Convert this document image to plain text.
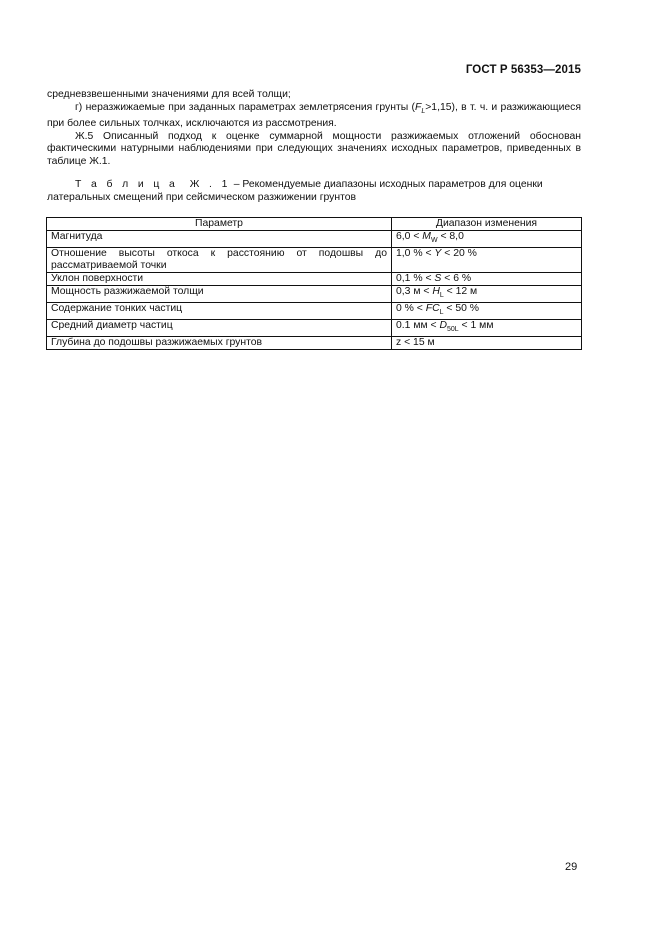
ГОСТ Р 56353—2015

средневзвешенными значениями для всей толщи;

г) неразжижаемые при заданных параметрах землетрясения грунты $(F_L>1,15)$, в т. ч. и разжижающиеся при более сильных толчках, исключаются из рассмотрения.

Ж.5 Описанный подход к оценке суммарной мощности разжижаемых отложений обоснован фактическими натурными наблюдениями при следующих значениях исходных параметров, приведенных в таблице Ж.1.

Т а б л и ц а Ж . 1 – Рекомендуемые диапазоны исходных параметров для оценки латеральных смещений при сейсмическом разжижении грунтов
Параметр	Диапазон изменения
Магнитуда	$6,0 < M_W < 8,0$
Отношение высоты откоса к расстоянию от подошвы до рассматриваемой точки	1,0 % < Y < 20 %
Уклон поверхности	0,1 % < S < 6 %
Мощность разжижаемой толщи	0,3 $м < H_L < 12$ м
Содержание тонких частиц	0 % < $FC_L < 50$ %
Средний диаметр частиц	0.1 мм < $D_{50L} < 1$ мм
Глубина до подошвы разжижаемых грунтов	z < 15 м
29
